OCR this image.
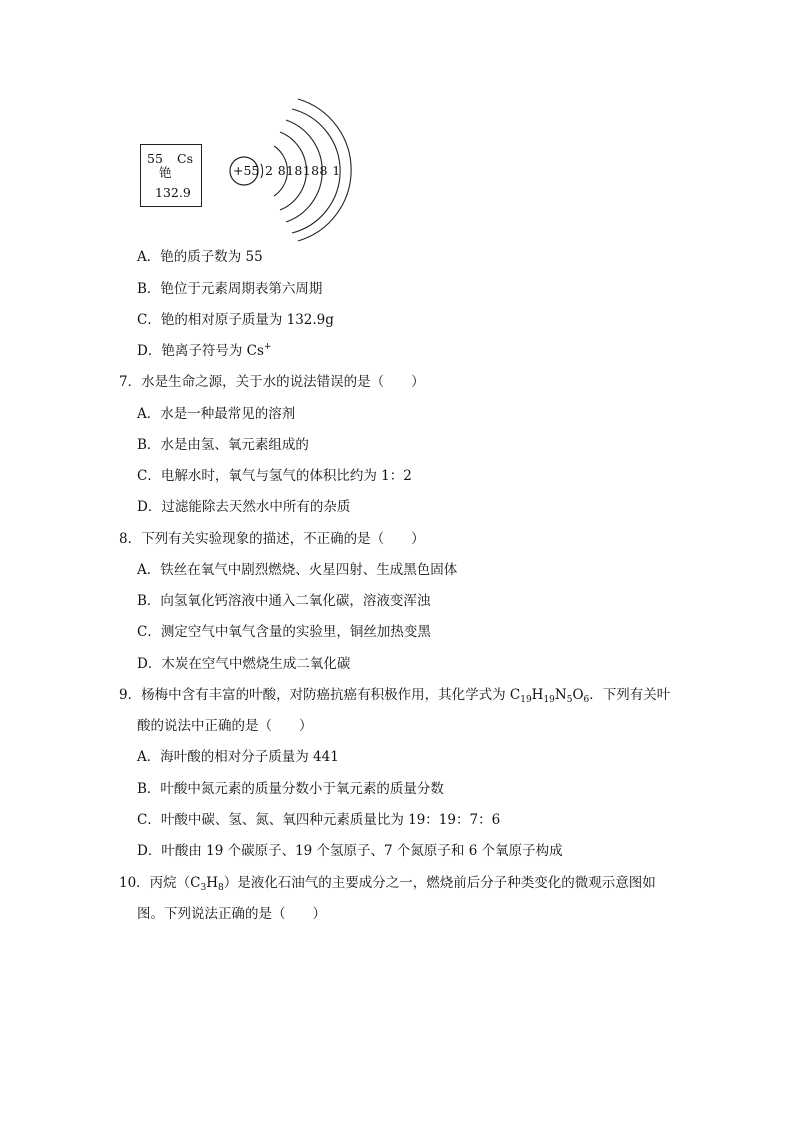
55 Cs
铯
132.9
+55 2 818188 1
A．铯的质子数为 55
B．铯位于元素周期表第六周期
C．铯的相对原子质量为 132.9g
D．铯离子符号为 Cs+
7．水是生命之源，关于水的说法错误的是（　　）
A．水是一种最常见的溶剂
B．水是由氢、氧元素组成的
C．电解水时，氧气与氢气的体积比约为 1：2
D．过滤能除去天然水中所有的杂质
8．下列有关实验现象的描述，不正确的是（　　）
A．铁丝在氧气中剧烈燃烧、火星四射、生成黑色固体
B．向氢氧化钙溶液中通入二氧化碳，溶液变浑浊
C．测定空气中氧气含量的实验里，铜丝加热变黑
D．木炭在空气中燃烧生成二氧化碳
9．杨梅中含有丰富的叶酸，对防癌抗癌有积极作用，其化学式为 $C_{19}H_{19}N_5O_6$．下列有关叶
酸的说法中正确的是（　　）
A．海叶酸的相对分子质量为 441
B．叶酸中氮元素的质量分数小于氧元素的质量分数
C．叶酸中碳、氢、氮、氧四种元素质量比为 19：19：7：6
D．叶酸由 19 个碳原子、19 个氢原子、7 个氮原子和 6 个氧原子构成
10．丙烷$(C_3H_8)$是液化石油气的主要成分之一，燃烧前后分子种类变化的微观示意图如
图。下列说法正确的是（　　）
